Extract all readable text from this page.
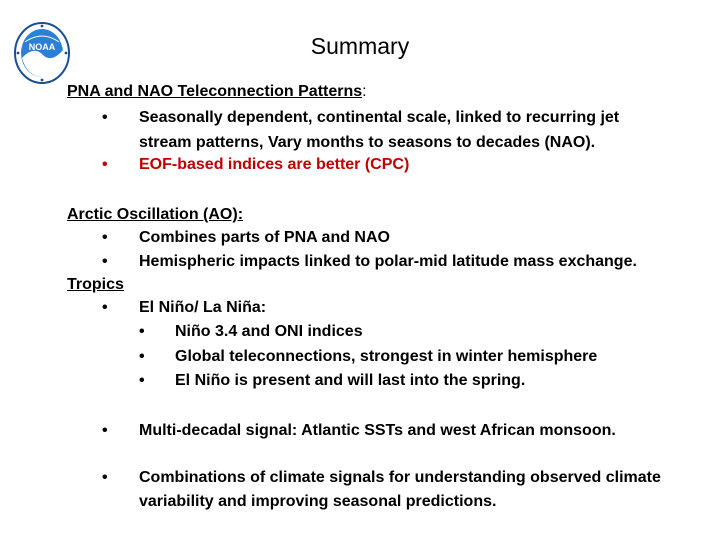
NOAA	Summary
PNA and NAO Teleconnection Patterns:
• Seasonally dependent, continental scale, linked to recurring jet
stream patterns, Vary months to seasons to decades (NAO).
• EOF-based indices are better (CPC)
Arctic Oscillation (AO):
• Combines parts of PNA and NAO
• Hemispheric impacts linked to polar-mid latitude mass exchange.
Tropics
• El Niño/ La Niña:
• Niño 3.4 and ONI indices
• Global teleconnections, strongest in winter hemisphere
• El Niño is present and will last into the spring.
• Multi-decadal signal: Atlantic SSTs and west African monsoon.
• Combinations of climate signals for understanding observed climate
variability and improving seasonal predictions.
